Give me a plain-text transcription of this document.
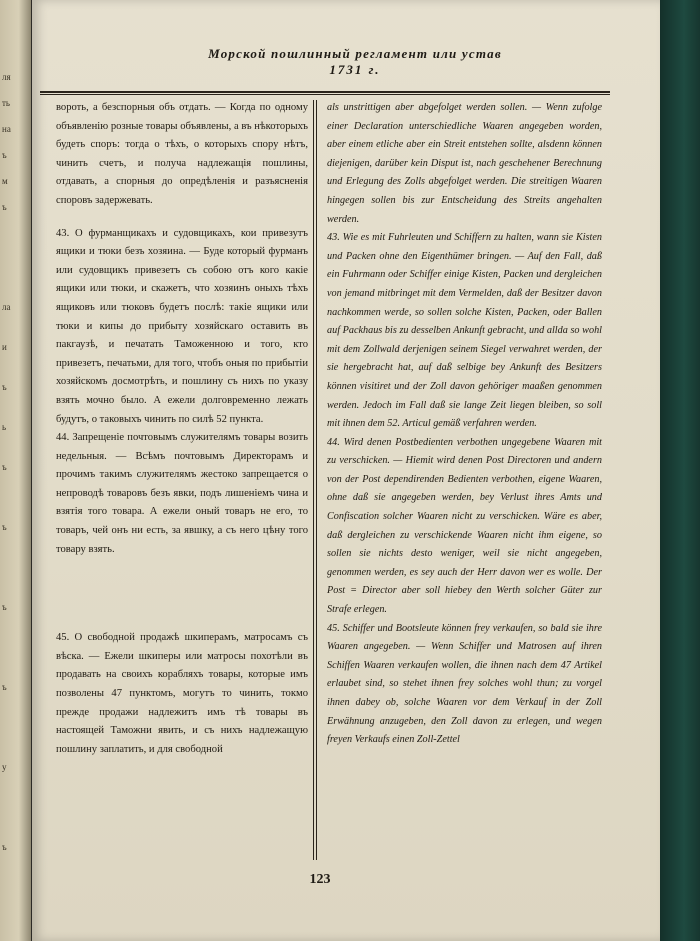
ля
ть
на
ъ
м
ъ
ла
и
ъ
ь
ъ
ъ
ъ
ъ
у
ъ
Морской пошлинный регламент или устав
1731 г.

вороть, а безспорныя объ отдать. — Когда по одному объявленію розные товары объявлены, а въ нѣкоторыхъ будеть споръ: тогда о тѣхъ, о которыхъ спору нѣтъ, чинить счетъ, и получа надлежащія пошлины, отдавать, а спорныя до опредѣленія и разъясненія споровъ задержевать.

43. О фурманщикахъ и судовщикахъ, кои привезутъ ящики и тюки безъ хозяина. — Буде который фурманъ или судовщикъ привезетъ съ собою отъ кого какіе ящики или тюки, и скажетъ, что хозяинъ оныхъ тѣхъ ящиковъ или тюковъ будетъ послѣ: такіе ящики или тюки и кипы до прибыту хозяйскаго оставить въ пакгаузѣ, и печатать Таможенною и того, кто привезетъ, печатьми, для того, чтобъ оныя по прибытіи хозяйскомъ досмотрѣть, и пошлину съ нихъ по указу взять мочно было. А ежели долговременно лежать будутъ, о таковыхъ чинить по силѣ 52 пункта.

44. Запрещеніе почтовымъ служителямъ товары возить недельныя. — Всѣмъ почтовымъ Директорамъ и прочимъ такимъ служителямъ жестоко запрещается о непроводѣ товаровъ безъ явки, подъ лишеніемъ чина и взятія того товара. А ежели оный товаръ не его, то товаръ, чей онъ ни есть, за явшку, а съ него цѣну того товару взять.

45. О свободной продажѣ шкиперамъ, матросамъ съ вѣска. — Ежели шкиперы или матросы похотѣли въ продавать на своихъ корабляхъ товары, которые имъ позволены 47 пунктомъ, могутъ то чинить, токмо прежде продажи надлежитъ имъ тѣ товары въ настоящей Таможни явить, и съ нихъ надлежащую пошлину заплатить, и для свободной

als unstrittigen aber abgefolget werden sollen. — Wenn zufolge einer Declaration unterschiedliche Waaren angegeben worden, aber einem etliche aber ein Streit entstehen sollte, alsdenn können diejenigen, darüber kein Disput ist, nach geschehener Berechnung und Erlegung des Zolls abgefolget werden. Die streitigen Waaren hingegen sollen bis zur Entscheidung des Streits angehalten werden.

43. Wie es mit Fuhrleuten und Schiffern zu halten, wann sie Kisten und Packen ohne den Eigenthümer bringen. — Auf den Fall, daß ein Fuhrmann oder Schiffer einige Kisten, Packen und dergleichen von jemand mitbringet mit dem Vermelden, daß der Besitzer davon nachkommen werde, so sollen solche Kisten, Packen, oder Ballen auf Packhaus bis zu desselben Ankunft gebracht, und allda so wohl mit dem Zollwald derjenigen seinem Siegel verwahret werden, der sie hergebracht hat, auf daß selbige bey Ankunft des Besitzers können visitiret und der Zoll davon gehöriger maaßen genommen werden. Jedoch im Fall daß sie lange Zeit liegen bleiben, so soll mit ihnen dem 52. Articul gemäß verfahren werden.

44. Wird denen Postbedienten verbothen ungegebene Waaren mit zu verschicken. — Hiemit wird denen Post Directoren und andern von der Post dependirenden Bedienten verbothen, eigene Waaren, ohne daß sie angegeben werden, bey Verlust ihres Amts und Confiscation solcher Waaren nicht zu verschicken. Wäre es aber, daß dergleichen zu verschickende Waaren nicht ihm eigene, so sollen sie nichts desto weniger, weil sie nicht angegeben, genommen werden, es sey auch der Herr davon wer es wolle. Der Post = Director aber soll hiebey den Werth solcher Güter zur Strafe erlegen.

45. Schiffer und Bootsleute können frey verkaufen, so bald sie ihre Waaren angegeben. — Wenn Schiffer und Matrosen auf ihren Schiffen Waaren verkaufen wollen, die ihnen nach dem 47 Artikel erlaubet sind, so stehet ihnen frey solches wohl thun; zu vorgel ihnen dabey ob, solche Waaren vor dem Verkauf in der Zoll Erwähnung anzugeben, den Zoll davon zu erlegen, und wegen freyen Verkaufs einen Zoll-Zettel

123
